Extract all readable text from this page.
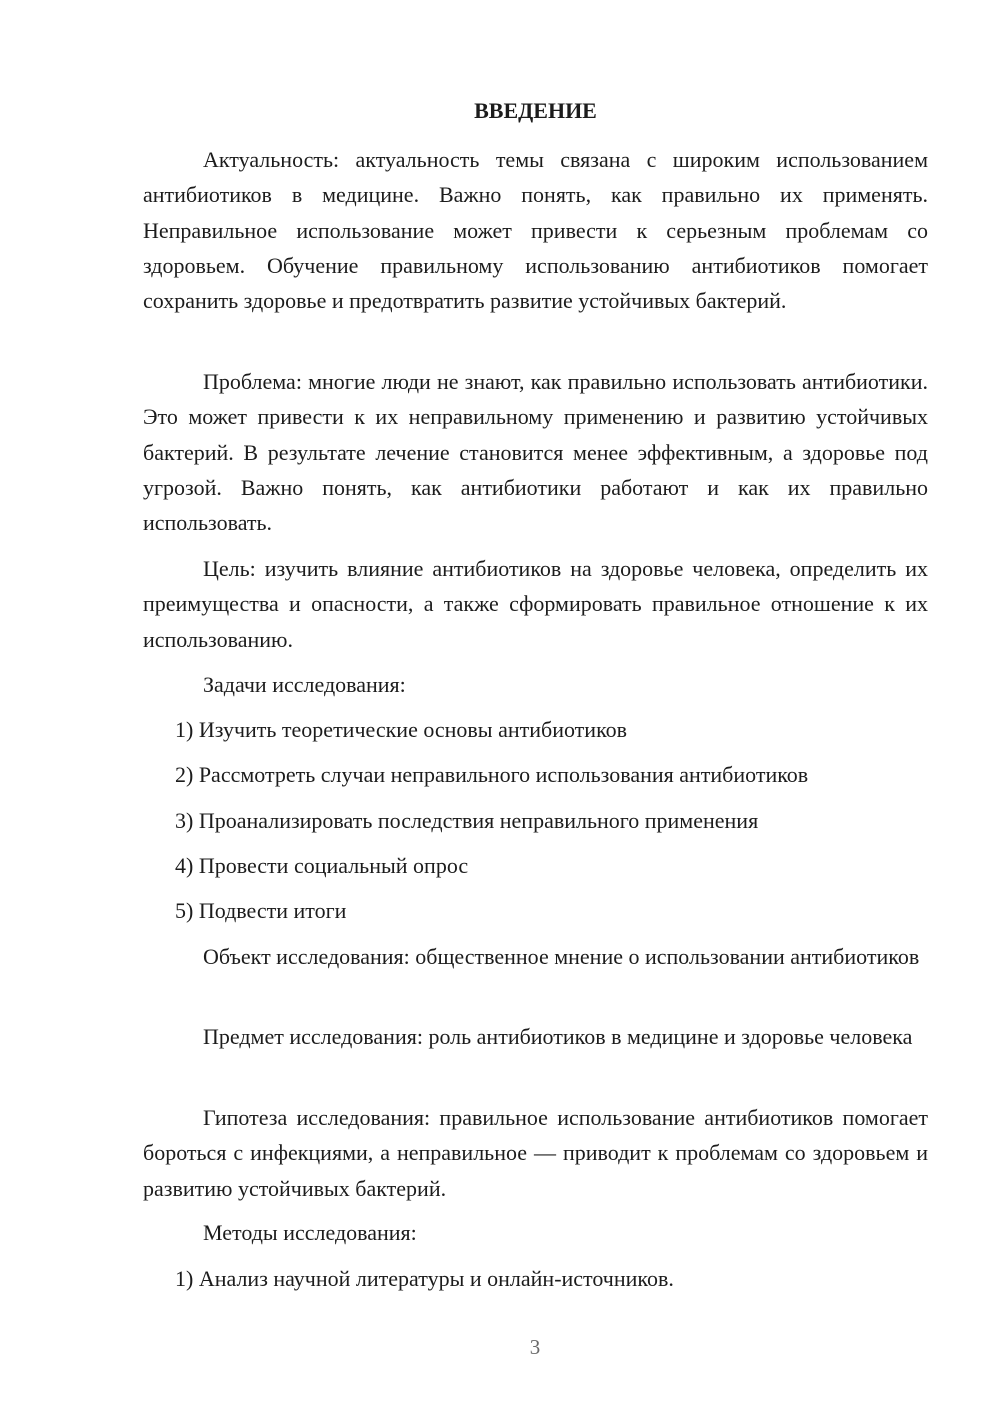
ВВЕДЕНИЕ

Актуальность: актуальность темы связана с широким использованием антибиотиков в медицине. Важно понять, как правильно их применять. Неправильное использование может привести к серьезным проблемам со здоровьем. Обучение правильному использованию антибиотиков помогает сохранить здоровье и предотвратить развитие устойчивых бактерий.

Проблема: многие люди не знают, как правильно использовать антибиотики. Это может привести к их неправильному применению и развитию устойчивых бактерий. В результате лечение становится менее эффективным, а здоровье под угрозой. Важно понять, как антибиотики работают и как их правильно использовать.

Цель: изучить влияние антибиотиков на здоровье человека, определить их преимущества и опасности, а также сформировать правильное отношение к их использованию.

Задачи исследования:

1) Изучить теоретические основы антибиотиков

2) Рассмотреть случаи неправильного использования антибиотиков

3) Проанализировать последствия неправильного применения

4) Провести социальный опрос

5) Подвести итоги

Объект исследования: общественное мнение о использовании антибиотиков

Предмет исследования: роль антибиотиков в медицине и здоровье человека

Гипотеза исследования: правильное использование антибиотиков помогает бороться с инфекциями, а неправильное — приводит к проблемам со здоровьем и развитию устойчивых бактерий.

Методы исследования:

1) Анализ научной литературы и онлайн-источников.

3
